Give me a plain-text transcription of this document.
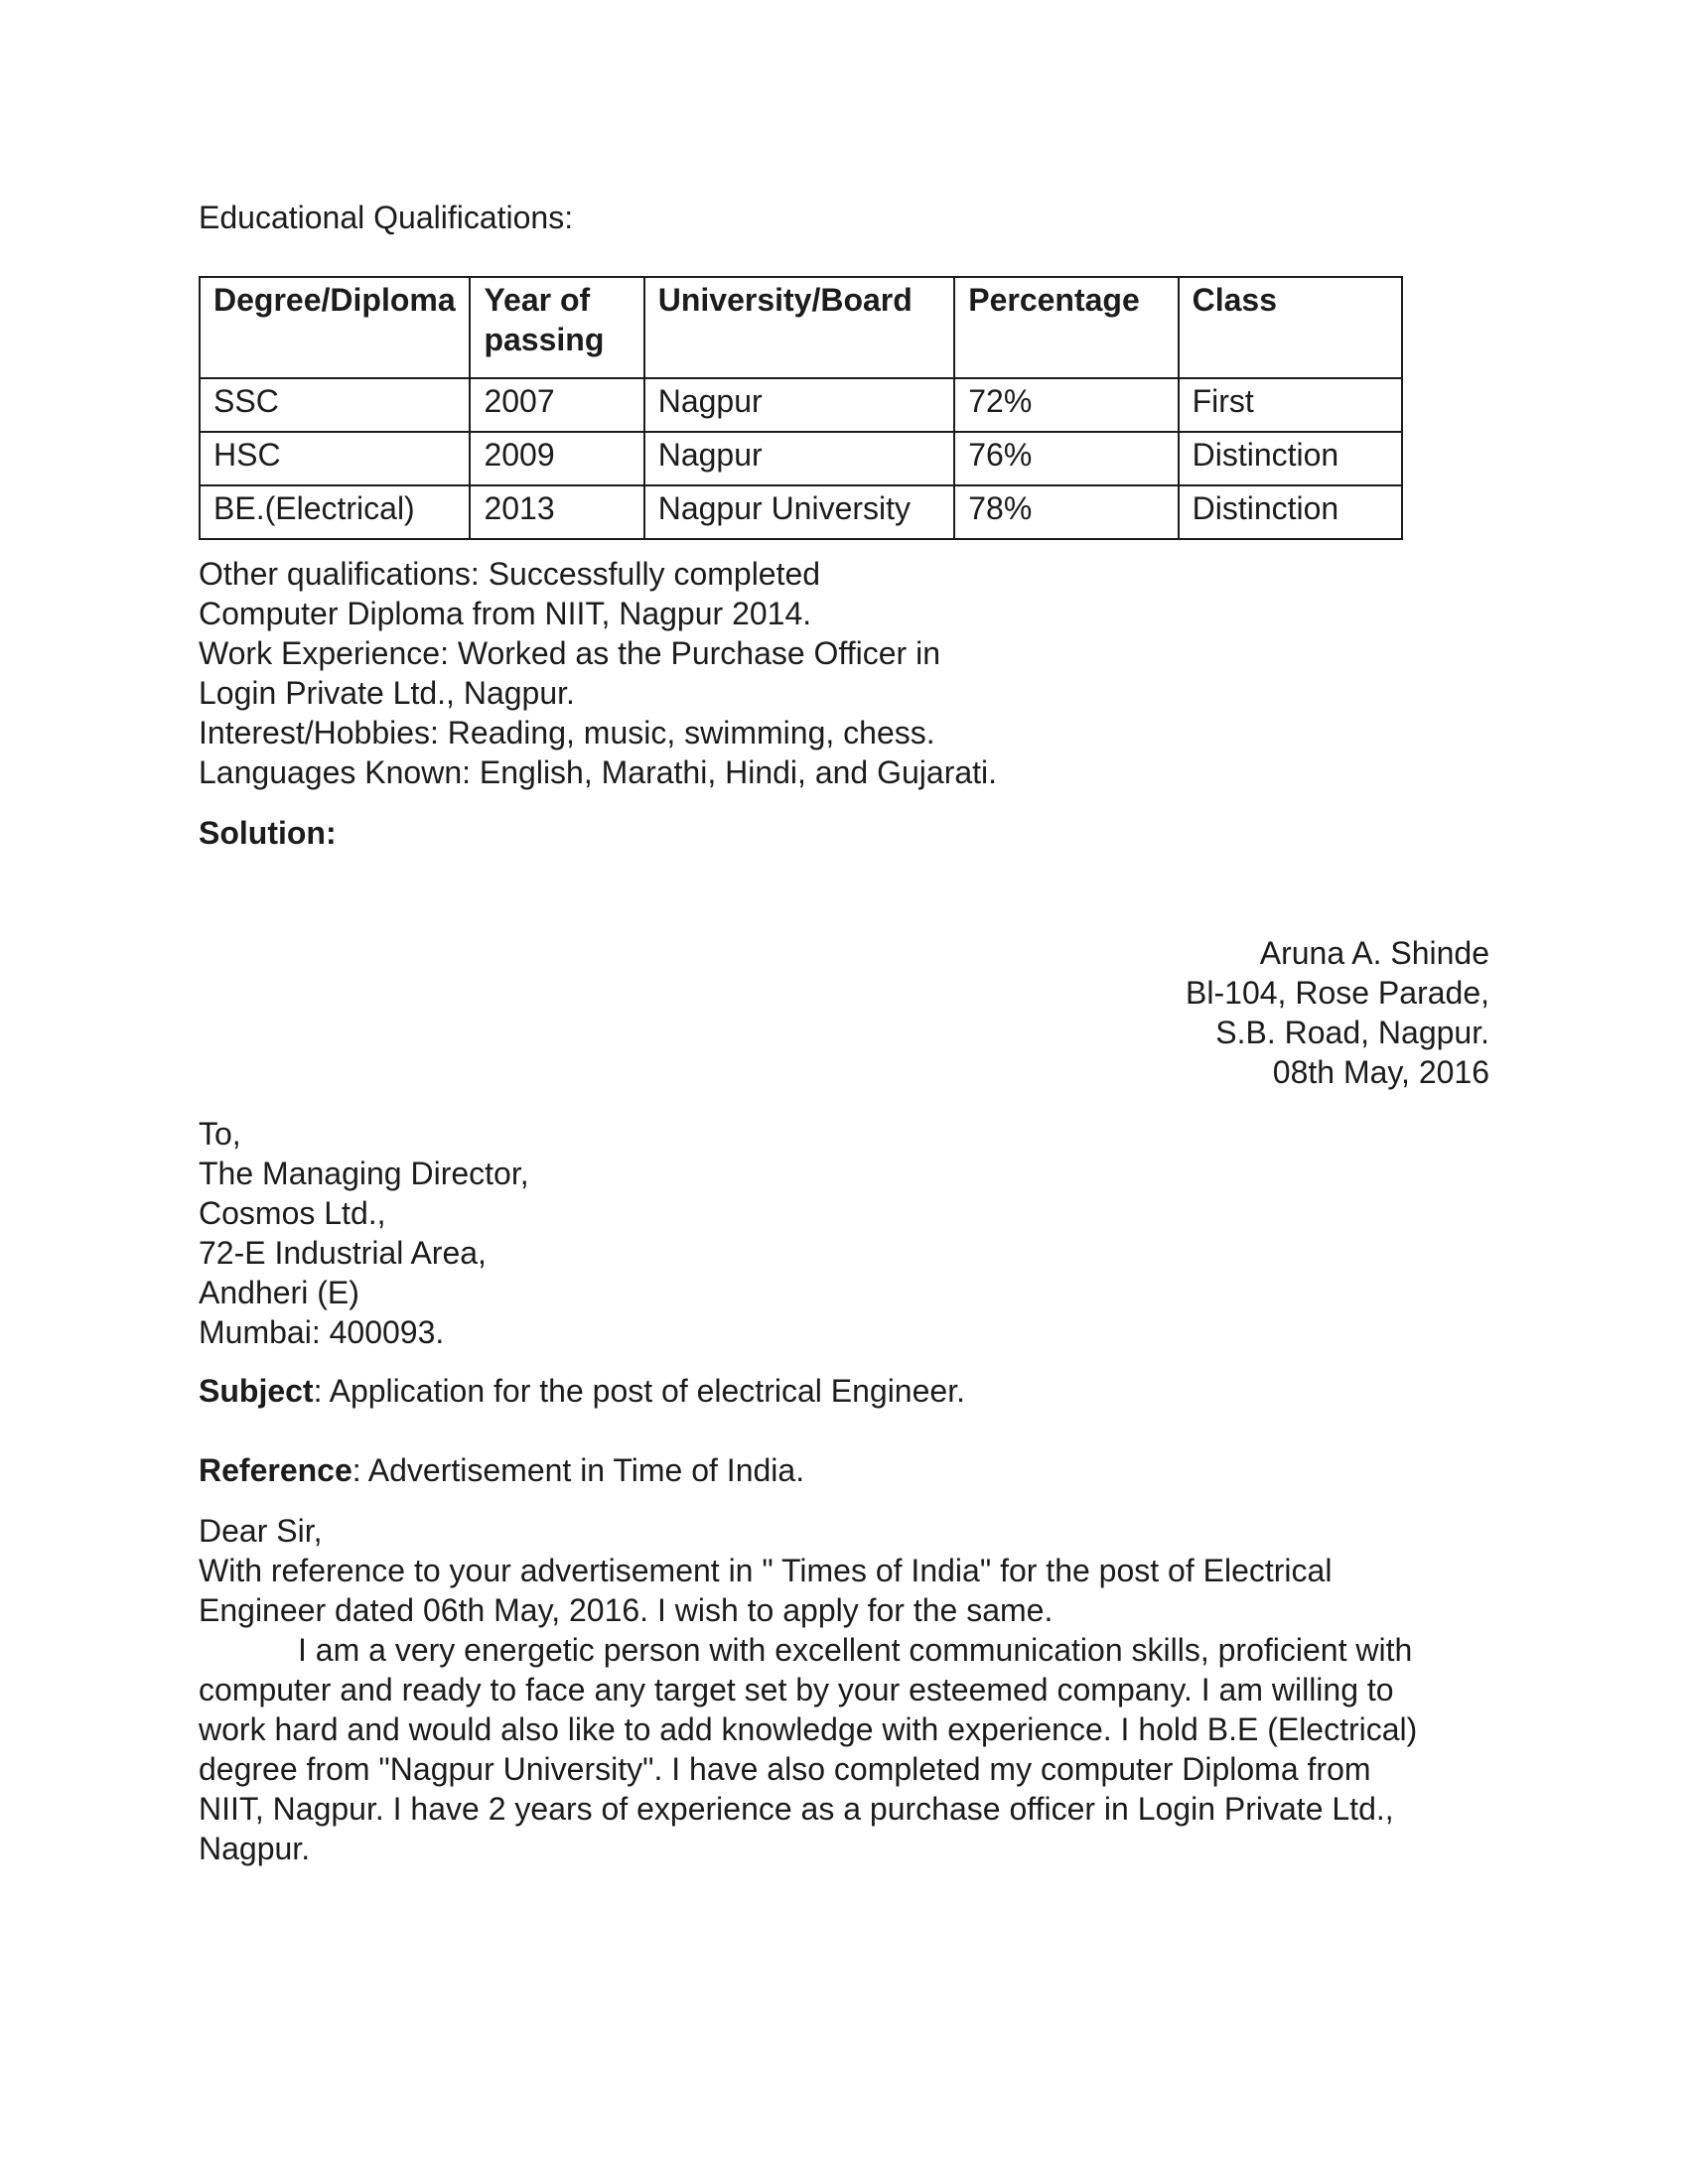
Educational Qualifications:
Degree/Diploma	Year of passing	University/Board	Percentage	Class
SSC	2007	Nagpur	72%	First
HSC	2009	Nagpur	76%	Distinction
BE.(Electrical)	2013	Nagpur University	78%	Distinction
Other qualifications: Successfully completed
Computer Diploma from NIIT, Nagpur 2014.
Work Experience: Worked as the Purchase Officer in
Login Private Ltd., Nagpur.
Interest/Hobbies: Reading, music, swimming, chess.
Languages Known: English, Marathi, Hindi, and Gujarati.
Solution:
Aruna A. Shinde
Bl-104, Rose Parade,
S.B. Road, Nagpur.
08th May, 2016
To,
The Managing Director,
Cosmos Ltd.,
72-E Industrial Area,
Andheri (E)
Mumbai: 400093.
Subject: Application for the post of electrical Engineer.
Reference: Advertisement in Time of India.
Dear Sir,
With reference to your advertisement in " Times of India" for the post of Electrical
Engineer dated 06th May, 2016. I wish to apply for the same.
I am a very energetic person with excellent communication skills, proficient with
computer and ready to face any target set by your esteemed company. I am willing to
work hard and would also like to add knowledge with experience. I hold B.E (Electrical)
degree from "Nagpur University". I have also completed my computer Diploma from
NIIT, Nagpur. I have 2 years of experience as a purchase officer in Login Private Ltd.,
Nagpur.
